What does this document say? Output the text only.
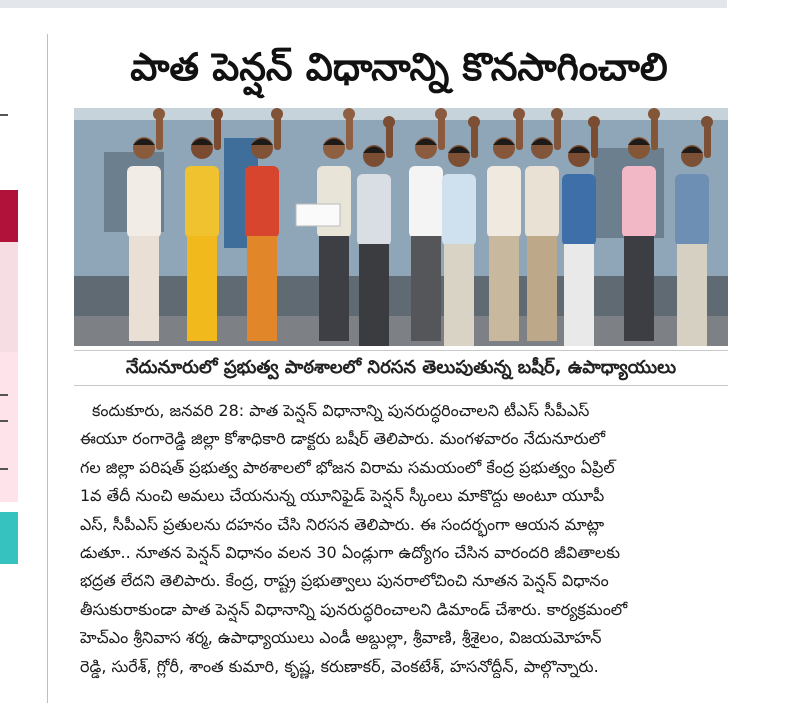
పాత పెన్షన్ విధానాన్ని కొనసాగించాలి
నేదునూరులో ప్రభుత్వ పాఠశాలలో నిరసన తెలుపుతున్న బషీర్, ఉపాధ్యాయులు
కందుకూరు, జనవరి 28: పాత పెన్షన్ విధానాన్ని పునరుద్ధరించాలని టీఎస్ సీపీఎస్
ఈయూ రంగారెడ్డి జిల్లా కోశాధికారి డాక్టరు బషీర్ తెలిపారు. మంగళవారం నేదునూరులో
గల జిల్లా పరిషత్ ప్రభుత్వ పాఠశాలలో భోజన విరామ సమయంలో కేంద్ర ప్రభుత్వం ఏప్రిల్
1వ తేదీ నుంచి అమలు చేయనున్న యూనిఫైడ్ పెన్షన్ స్కీంలు మాకొద్దు అంటూ యూపీ
ఎస్, సీపీఎస్ ప్రతులను దహనం చేసి నిరసన తెలిపారు. ఈ సందర్భంగా ఆయన మాట్లా
డుతూ.. నూతన పెన్షన్ విధానం వలన 30 ఏండ్లుగా ఉద్యోగం చేసిన వారందరి జీవితాలకు
భద్రత లేదని తెలిపారు. కేంద్ర, రాష్ట్ర ప్రభుత్వాలు పునరాలోచించి నూతన పెన్షన్ విధానం
తీసుకురాకుండా పాత పెన్షన్ విధానాన్ని పునరుద్ధరించాలని డిమాండ్ చేశారు. కార్యక్రమంలో
హెచ్ఎం శ్రీనివాస శర్మ, ఉపాధ్యాయులు ఎండీ అబ్దుల్లా, శ్రీవాణి, శ్రీశైలం, విజయమోహన్
రెడ్డి, సురేశ్, గ్లోరీ, శాంత కుమారి, కృష్ణ, కరుణాకర్, వెంకటేశ్, హసనోద్దీన్, పాల్గొన్నారు.
